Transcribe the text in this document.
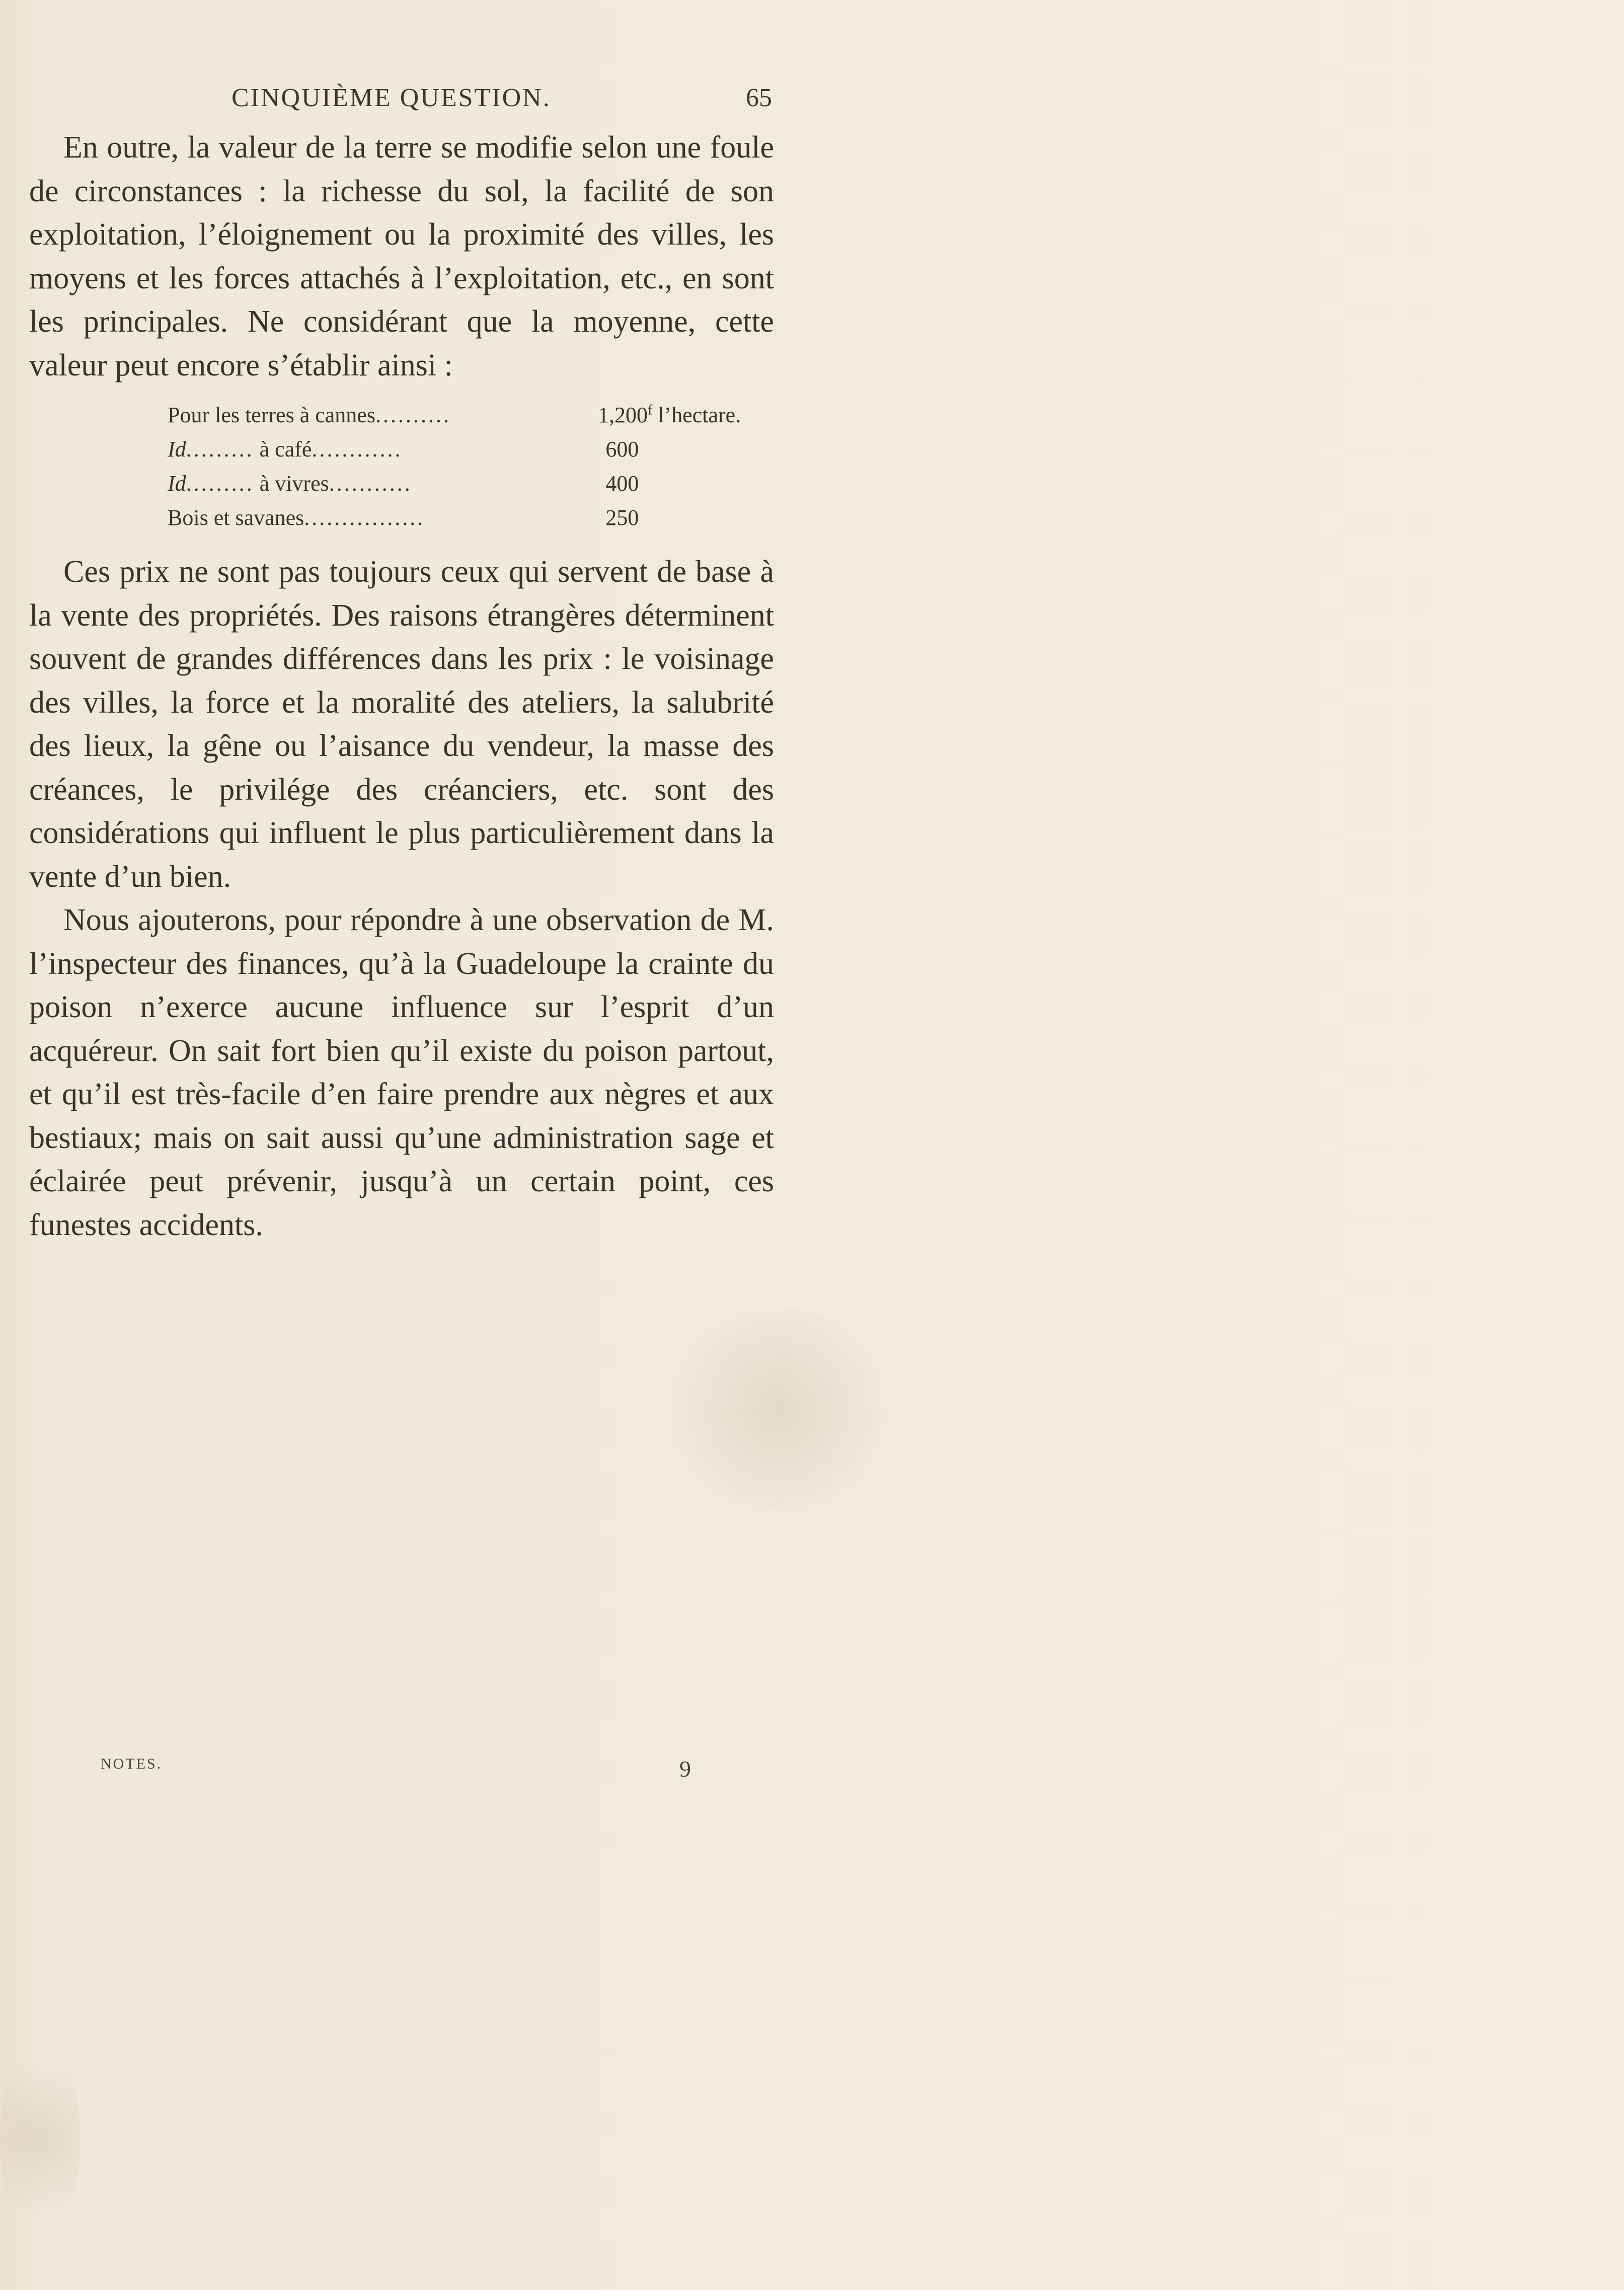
CINQUIÈME QUESTION.	65

En outre, la valeur de la terre se modifie selon une foule de circonstances : la richesse du sol, la facilité de son exploitation, l’éloignement ou la proximité des villes, les moyens et les forces attachés à l’exploitation, etc., en sont les principales. Ne considérant que la moyenne, cette valeur peut encore s’établir ainsi :

Pour les terres à cannes..........	1,200$^f$ l’hectare.
Id......... à café............	600
Id......... à vivres...........	400
Bois et savanes................	250

Ces prix ne sont pas toujours ceux qui servent de base à la vente des propriétés. Des raisons étrangères déterminent souvent de grandes différences dans les prix : le voisinage des villes, la force et la moralité des ateliers, la salubrité des lieux, la gêne ou l’aisance du vendeur, la masse des créances, le privilége des créanciers, etc. sont des considérations qui influent le plus particulièrement dans la vente d’un bien.

Nous ajouterons, pour répondre à une observation de M. l’inspecteur des finances, qu’à la Guadeloupe la crainte du poison n’exerce aucune influence sur l’esprit d’un acquéreur. On sait fort bien qu’il existe du poison partout, et qu’il est très-facile d’en faire prendre aux nègres et aux bestiaux; mais on sait aussi qu’une administration sage et éclairée peut prévenir, jusqu’à un certain point, ces funestes accidents.

NOTES.	9
